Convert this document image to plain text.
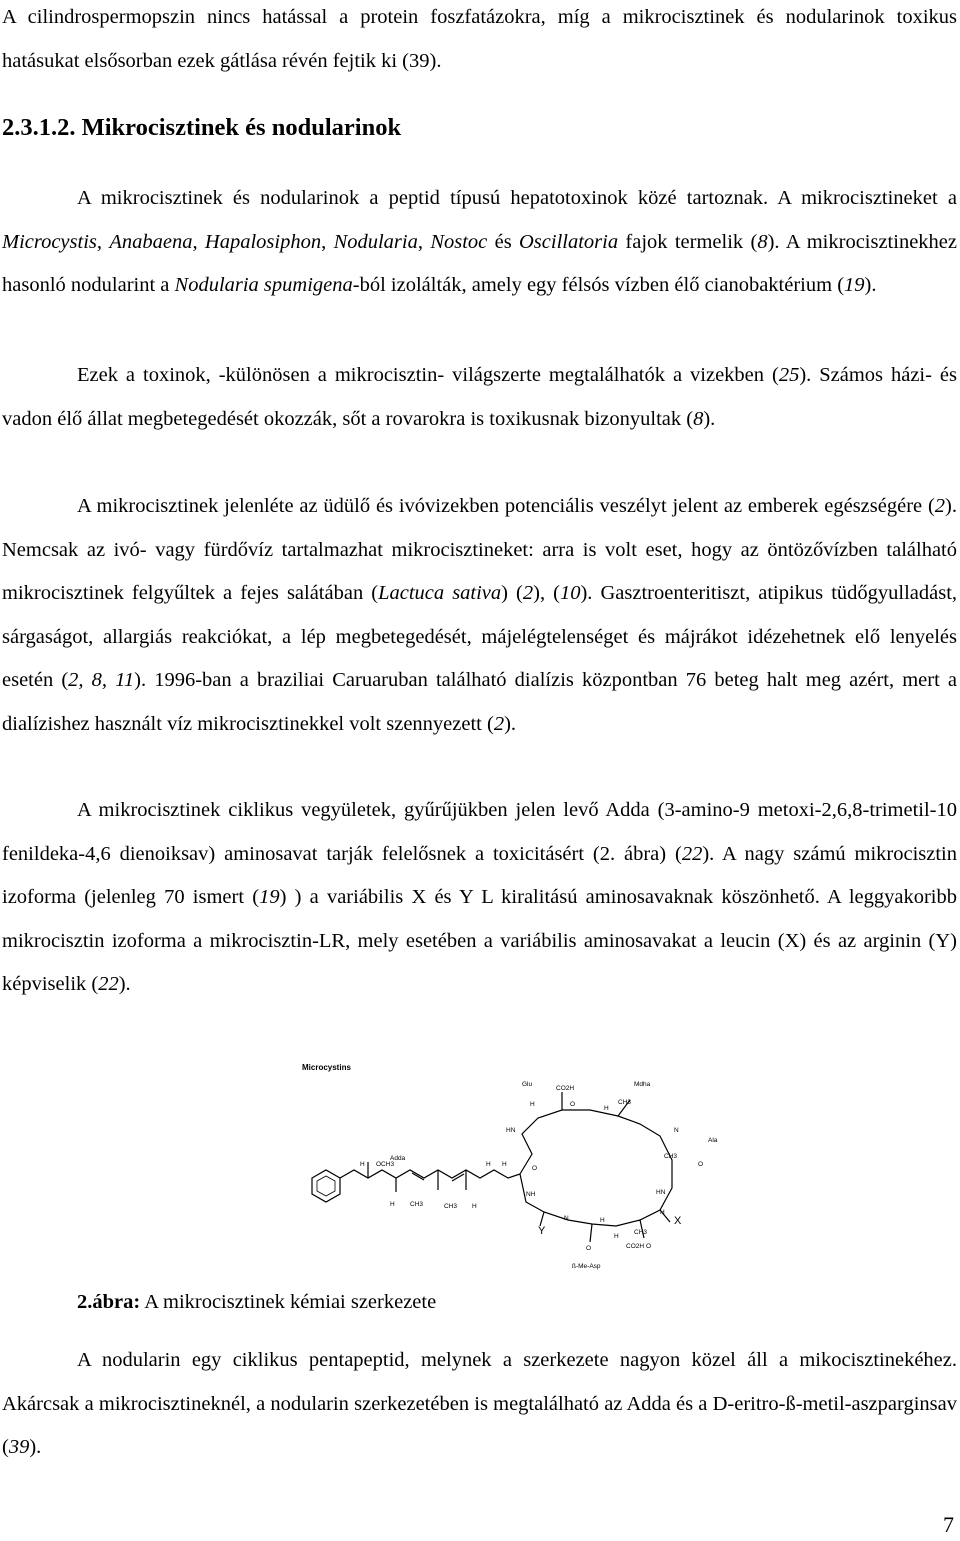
A cilindrospermopszin nincs hatással a protein foszfatázokra, míg a mikrocisztinek és nodularinok toxikus hatásukat elsősorban ezek gátlása révén fejtik ki (39).

2.3.1.2. Mikrocisztinek és nodularinok

A mikrocisztinek és nodularinok a peptid típusú hepatotoxinok közé tartoznak. A mikrocisztineket a Microcystis, Anabaena, Hapalosiphon, Nodularia, Nostoc és Oscillatoria fajok termelik (8). A mikrocisztinekhez hasonló nodularint a Nodularia spumigena-ból izolálták, amely egy félsós vízben élő cianobaktérium (19).

Ezek a toxinok, -különösen a mikrocisztin- világszerte megtalálhatók a vizekben (25). Számos házi- és vadon élő állat megbetegedését okozzák, sőt a rovarokra is toxikusnak bizonyultak (8).

A mikrocisztinek jelenléte az üdülő és ivóvizekben potenciális veszélyt jelent az emberek egészségére (2). Nemcsak az ivó- vagy fürdővíz tartalmazhat mikrocisztineket: arra is volt eset, hogy az öntözővízben található mikrocisztinek felgyűltek a fejes salátában (Lactuca sativa) (2), (10). Gasztroenteritiszt, atipikus tüdőgyulladást, sárgaságot, allargiás reakciókat, a lép megbetegedését, májelégtelenséget és májrákot idézehetnek elő lenyelés esetén (2, 8, 11). 1996-ban a braziliai Caruaruban található dialízis központban 76 beteg halt meg azért, mert a dialízishez használt víz mikrocisztinekkel volt szennyezett (2).

A mikrocisztinek ciklikus vegyületek, gyűrűjükben jelen levő Adda (3-amino-9 metoxi-2,6,8-trimetil-10 fenildeka-4,6 dienoiksav) aminosavat tarják felelősnek a toxicitásért (2. ábra) (22). A nagy számú mikrocisztin izoforma (jelenleg 70 ismert (19) ) a variábilis X és Y L kiralitású aminosavaknak köszönhető. A leggyakoribb mikrocisztin izoforma a mikrocisztin-LR, mely esetében a variábilis aminosavakat a leucin (X) és az arginin (Y) képviselik (22).

Microcystins
Glu	Mdha
Adda
Ala
ß-Me-Asp
X
Y
H
CO2H
O	CH3
HN	N
CH3
HN
NH
OCH3
H
H CH3	CH3 H
H
N
H
CO2H O
O
O
H
H
CH3
O
H
H
2.ábra: A mikrocisztinek kémiai szerkezete

A nodularin egy ciklikus pentapeptid, melynek a szerkezete nagyon közel áll a mikocisztinekéhez. Akárcsak a mikrocisztineknél, a nodularin szerkezetében is megtalálható az Adda és a D-eritro-ß-metil-aszparginsav (39).

7
